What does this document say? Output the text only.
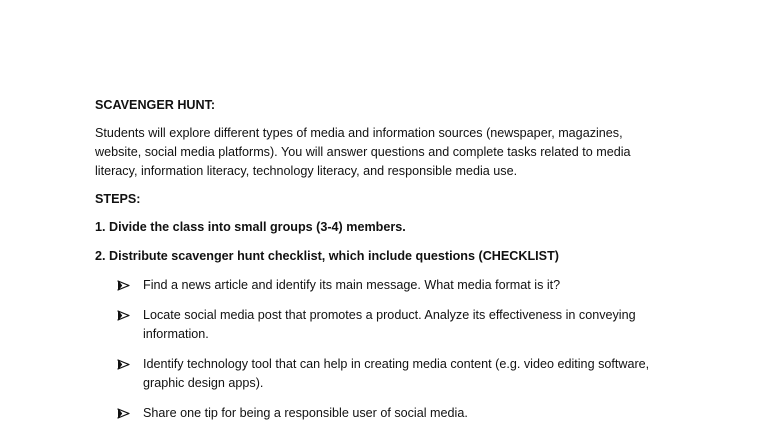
SCAVENGER HUNT:
Students will explore different types of media and information sources (newspaper, magazines, website, social media platforms). You will answer questions and complete tasks related to media literacy, information literacy, technology literacy, and responsible media use.
STEPS:
1. Divide the class into small groups (3-4) members.
2. Distribute scavenger hunt checklist, which include questions (CHECKLIST)
Find a news article and identify its main message. What media format is it?
Locate social media post that promotes a product. Analyze its effectiveness in conveying information.
Identify technology tool that can help in creating media content (e.g. video editing software, graphic design apps).
Share one tip for being a responsible user of social media.
